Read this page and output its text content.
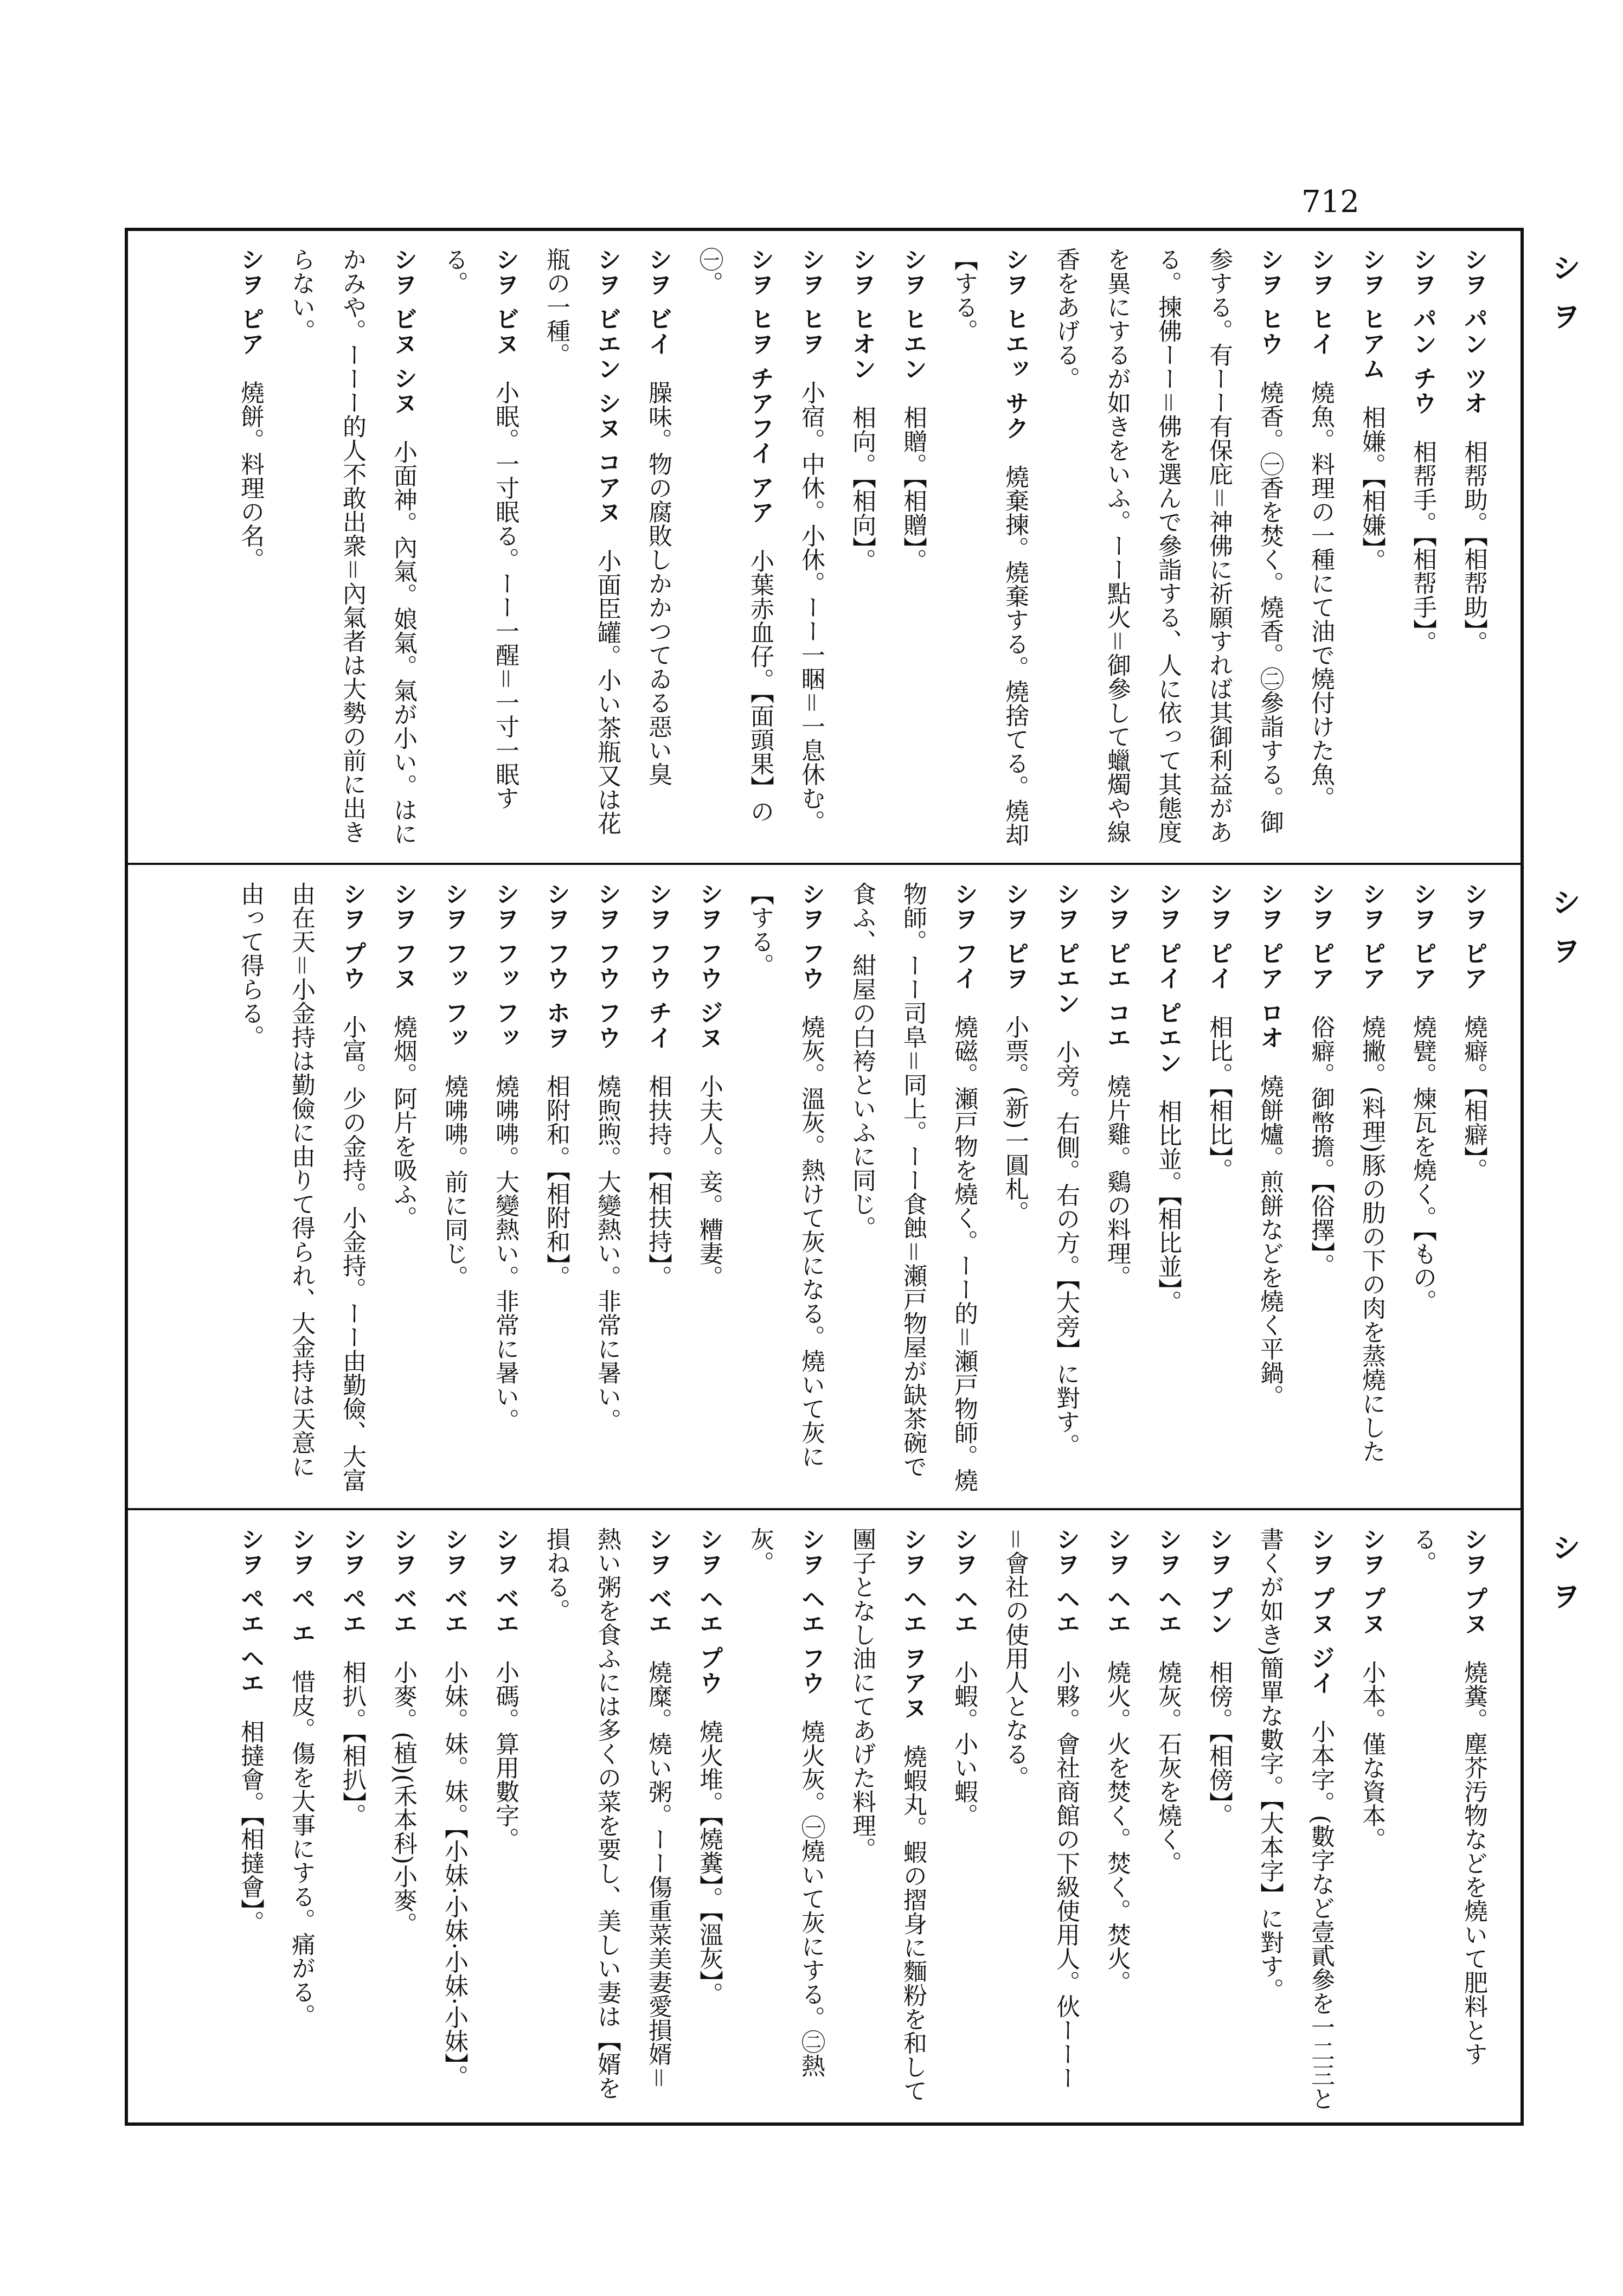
712
シ ヲ
シヲ パン ツオ　相帮助。【相帮助】。
シヲ パン チウ　相帮手。【相帮手】。
シヲ ヒアム　相嫌。【相嫌】。
シヲ ヒイ　燒魚。料理の一種にて油で燒付けた魚。
シヲ ヒウ　燒香。㊀香を焚く。燒香。㊁參詣する。御参する。有ーー有保庇＝神佛に祈願すれば其御利益がある。揀佛ーー＝佛を選んで參詣する、人に依って其態度を異にするが如きをいふ。ーー點火＝御參して蠟燭や線香をあげる。
シヲ ヒエッ サク　燒棄揀。燒棄する。燒捨てる。燒却【する。
シヲ ヒエン　相贈。【相贈】。
シヲ ヒオン　相向。【相向】。
シヲ ヒヲ　小宿。中休。小休。ーー一睏＝一息休む。
シヲ ヒヲ チアフイ アア　小葉赤血仔。【面頭果】の㊀。
シヲ ビイ　臊味。物の腐敗しかかつてゐる惡い臭
シヲ ビエン シヌ コアヌ　小面臣罐。小い茶瓶又は花瓶の一種。
シヲ ビヌ　小眠。一寸眠る。ーー一醒＝一寸一眠する。
シヲ ビヌ シヌ　小面神。內氣。娘氣。氣が小い。はにかみや。ーーー的人不敢出衆＝內氣者は大勢の前に出きらない。
シヲ ピア　燒餅。料理の名。
シ ヲ
シヲ ピア　燒癖。【相癖】。
シヲ ピア　燒甓。煉瓦を燒く。【もの。
シヲ ピア　燒撇。(料理)豚の肋の下の肉を蒸燒にした
シヲ ピア　俗癖。御幣擔。【俗擇】。
シヲ ピア ロオ　燒餅爐。煎餅などを燒く平鍋。
シヲ ピイ　相比。【相比】。
シヲ ピイ ピエン　相比並。【相比並】。
シヲ ピエ コエ　燒片雞。鷄の料理。
シヲ ピエン　小旁。右側。右の方。【大旁】に對す。
シヲ ピヲ　小票。(新)一圓札。
シヲ フイ　燒磁。瀬戸物を燒く。ーー的＝瀬戸物師。燒物師。ーー司阜＝同上。ーー食蝕＝瀬戸物屋が缺茶碗で食ふ、紺屋の白袴といふに同じ。
シヲ フウ　燒灰。溫灰。熱けて灰になる。燒いて灰に【する。
シヲ フウ ジヌ　小夫人。妾。糟妻。
シヲ フウ チイ　相扶持。【相扶持】。
シヲ フウ フウ　燒煦煦。大變熱い。非常に暑い。
シヲ フウ ホヲ　相附和。【相附和】。
シヲ フッ フッ　燒咈咈。大變熱い。非常に暑い。
シヲ フッ フッ　燒咈咈。前に同じ。
シヲ フヌ　燒烟。阿片を吸ふ。
シヲ プウ　小富。少の金持。小金持。ーー由勤儉、大富由在天＝小金持は勤儉に由りて得られ、大金持は天意に由って得らる。
シ ヲ
シヲ プヌ　燒糞。塵芥汚物などを燒いて肥料とする。
シヲ プヌ　小本。僅な資本。
シヲ プヌ ジイ　小本字。(數字など壹貳參を一二三と書くが如き)簡單な數字。【大本字】に對す。
シヲ プン　相傍。【相傍】。
シヲ ヘエ　燒灰。石灰を燒く。
シヲ ヘエ　燒火。火を焚く。焚く。焚火。
シヲ ヘエ　小夥。會社商館の下級使用人。伙ーーー＝會社の使用人となる。
シヲ ヘエ　小蝦。小い蝦。
シヲ ヘエ ヲアヌ　燒蝦丸。蝦の摺身に麵粉を和して團子となし油にてあげた料理。
シヲ ヘエ フウ　燒火灰。㊀燒いて灰にする。㊁熱灰。
シヲ ヘエ プウ　燒火堆。【燒糞】。【溫灰】。
シヲ ベエ　燒糜。燒い粥。ーー傷重菜美妻愛損婿＝熱い粥を食ふには多くの菜を要し、美しい妻は【婿を損ねる。
シヲ ベエ　小碼。算用數字。
シヲ ベエ　小妹。妹。妹。【小妹·小妹·小妹·小妹】。
シヲ ベエ　小麥。(植)(禾本科)小麥。
シヲ ペエ　相扒。【相扒】。
シヲ ペ エ　惜皮。傷を大事にする。痛がる。
シヲ ペエ ヘエ　相撻會。【相撻會】。
